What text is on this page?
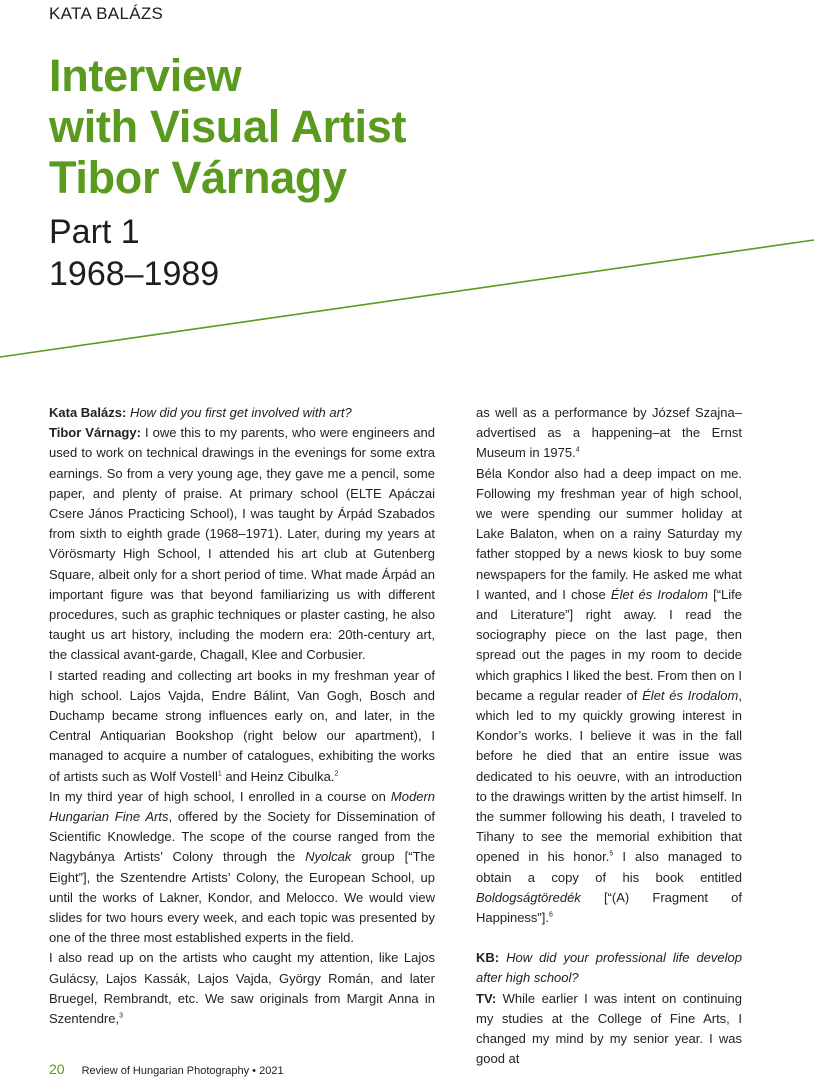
KATA BALÁZS
Interview
with Visual Artist
Tibor Várnagy
Part 1
1968–1989

Kata Balázs: How did you first get involved with art?

Tibor Várnagy: I owe this to my parents, who were engineers and used to work on technical drawings in the evenings for some extra earnings. So from a very young age, they gave me a pencil, some paper, and plenty of praise. At primary school (ELTE Apáczai Csere János Practicing School), I was taught by Árpád Szabados from sixth to eighth grade (1968–1971). Later, during my years at Vörösmarty High School, I attended his art club at Gutenberg Square, albeit only for a short period of time. What made Árpád an important figure was that beyond familiarizing us with different procedures, such as graphic techniques or plaster casting, he also taught us art history, including the modern era: 20th-century art, the classical avant-garde, Chagall, Klee and Corbusier.

I started reading and collecting art books in my freshman year of high school. Lajos Vajda, Endre Bálint, Van Gogh, Bosch and Duchamp became strong influences early on, and later, in the Central Antiquarian Bookshop (right below our apartment), I managed to acquire a number of catalogues, exhibiting the works of artists such as Wolf Vostell$^1$ and Heinz Cibulka.$^2$

In my third year of high school, I enrolled in a course on Modern Hungarian Fine Arts, offered by the Society for Dissemination of Scientific Knowledge. The scope of the course ranged from the Nagybánya Artists’ Colony through the Nyolcak group [“The Eight”], the Szentendre Artists’ Colony, the European School, up until the works of Lakner, Kondor, and Melocco. We would view slides for two hours every week, and each topic was presented by one of the three most established experts in the field.

I also read up on the artists who caught my attention, like Lajos Gulácsy, Lajos Kassák, Lajos Vajda, György Román, and later Bruegel, Rembrandt, etc. We saw originals from Margit Anna in Szentendre,$^3$

as well as a performance by József Szajna–advertised as a happening–at the Ernst Museum in 1975.$^4$

Béla Kondor also had a deep impact on me. Following my freshman year of high school, we were spending our summer holiday at Lake Balaton, when on a rainy Saturday my father stopped by a news kiosk to buy some newspapers for the family. He asked me what I wanted, and I chose Élet és Irodalom [“Life and Literature”] right away. I read the sociography piece on the last page, then spread out the pages in my room to decide which graphics I liked the best. From then on I became a regular reader of Élet és Irodalom, which led to my quickly growing interest in Kondor’s works. I believe it was in the fall before he died that an entire issue was dedicated to his oeuvre, with an introduction to the drawings written by the artist himself. In the summer following his death, I traveled to Tihany to see the memorial exhibition that opened in his honor.$^5$ I also managed to obtain a copy of his book entitled Boldogságtöredék [“(A) Fragment of Happiness”].$^6$

KB: How did your professional life develop after high school?

TV: While earlier I was intent on continuing my studies at the College of Fine Arts, I changed my mind by my senior year. I was good at

20 Review of Hungarian Photography • 2021
